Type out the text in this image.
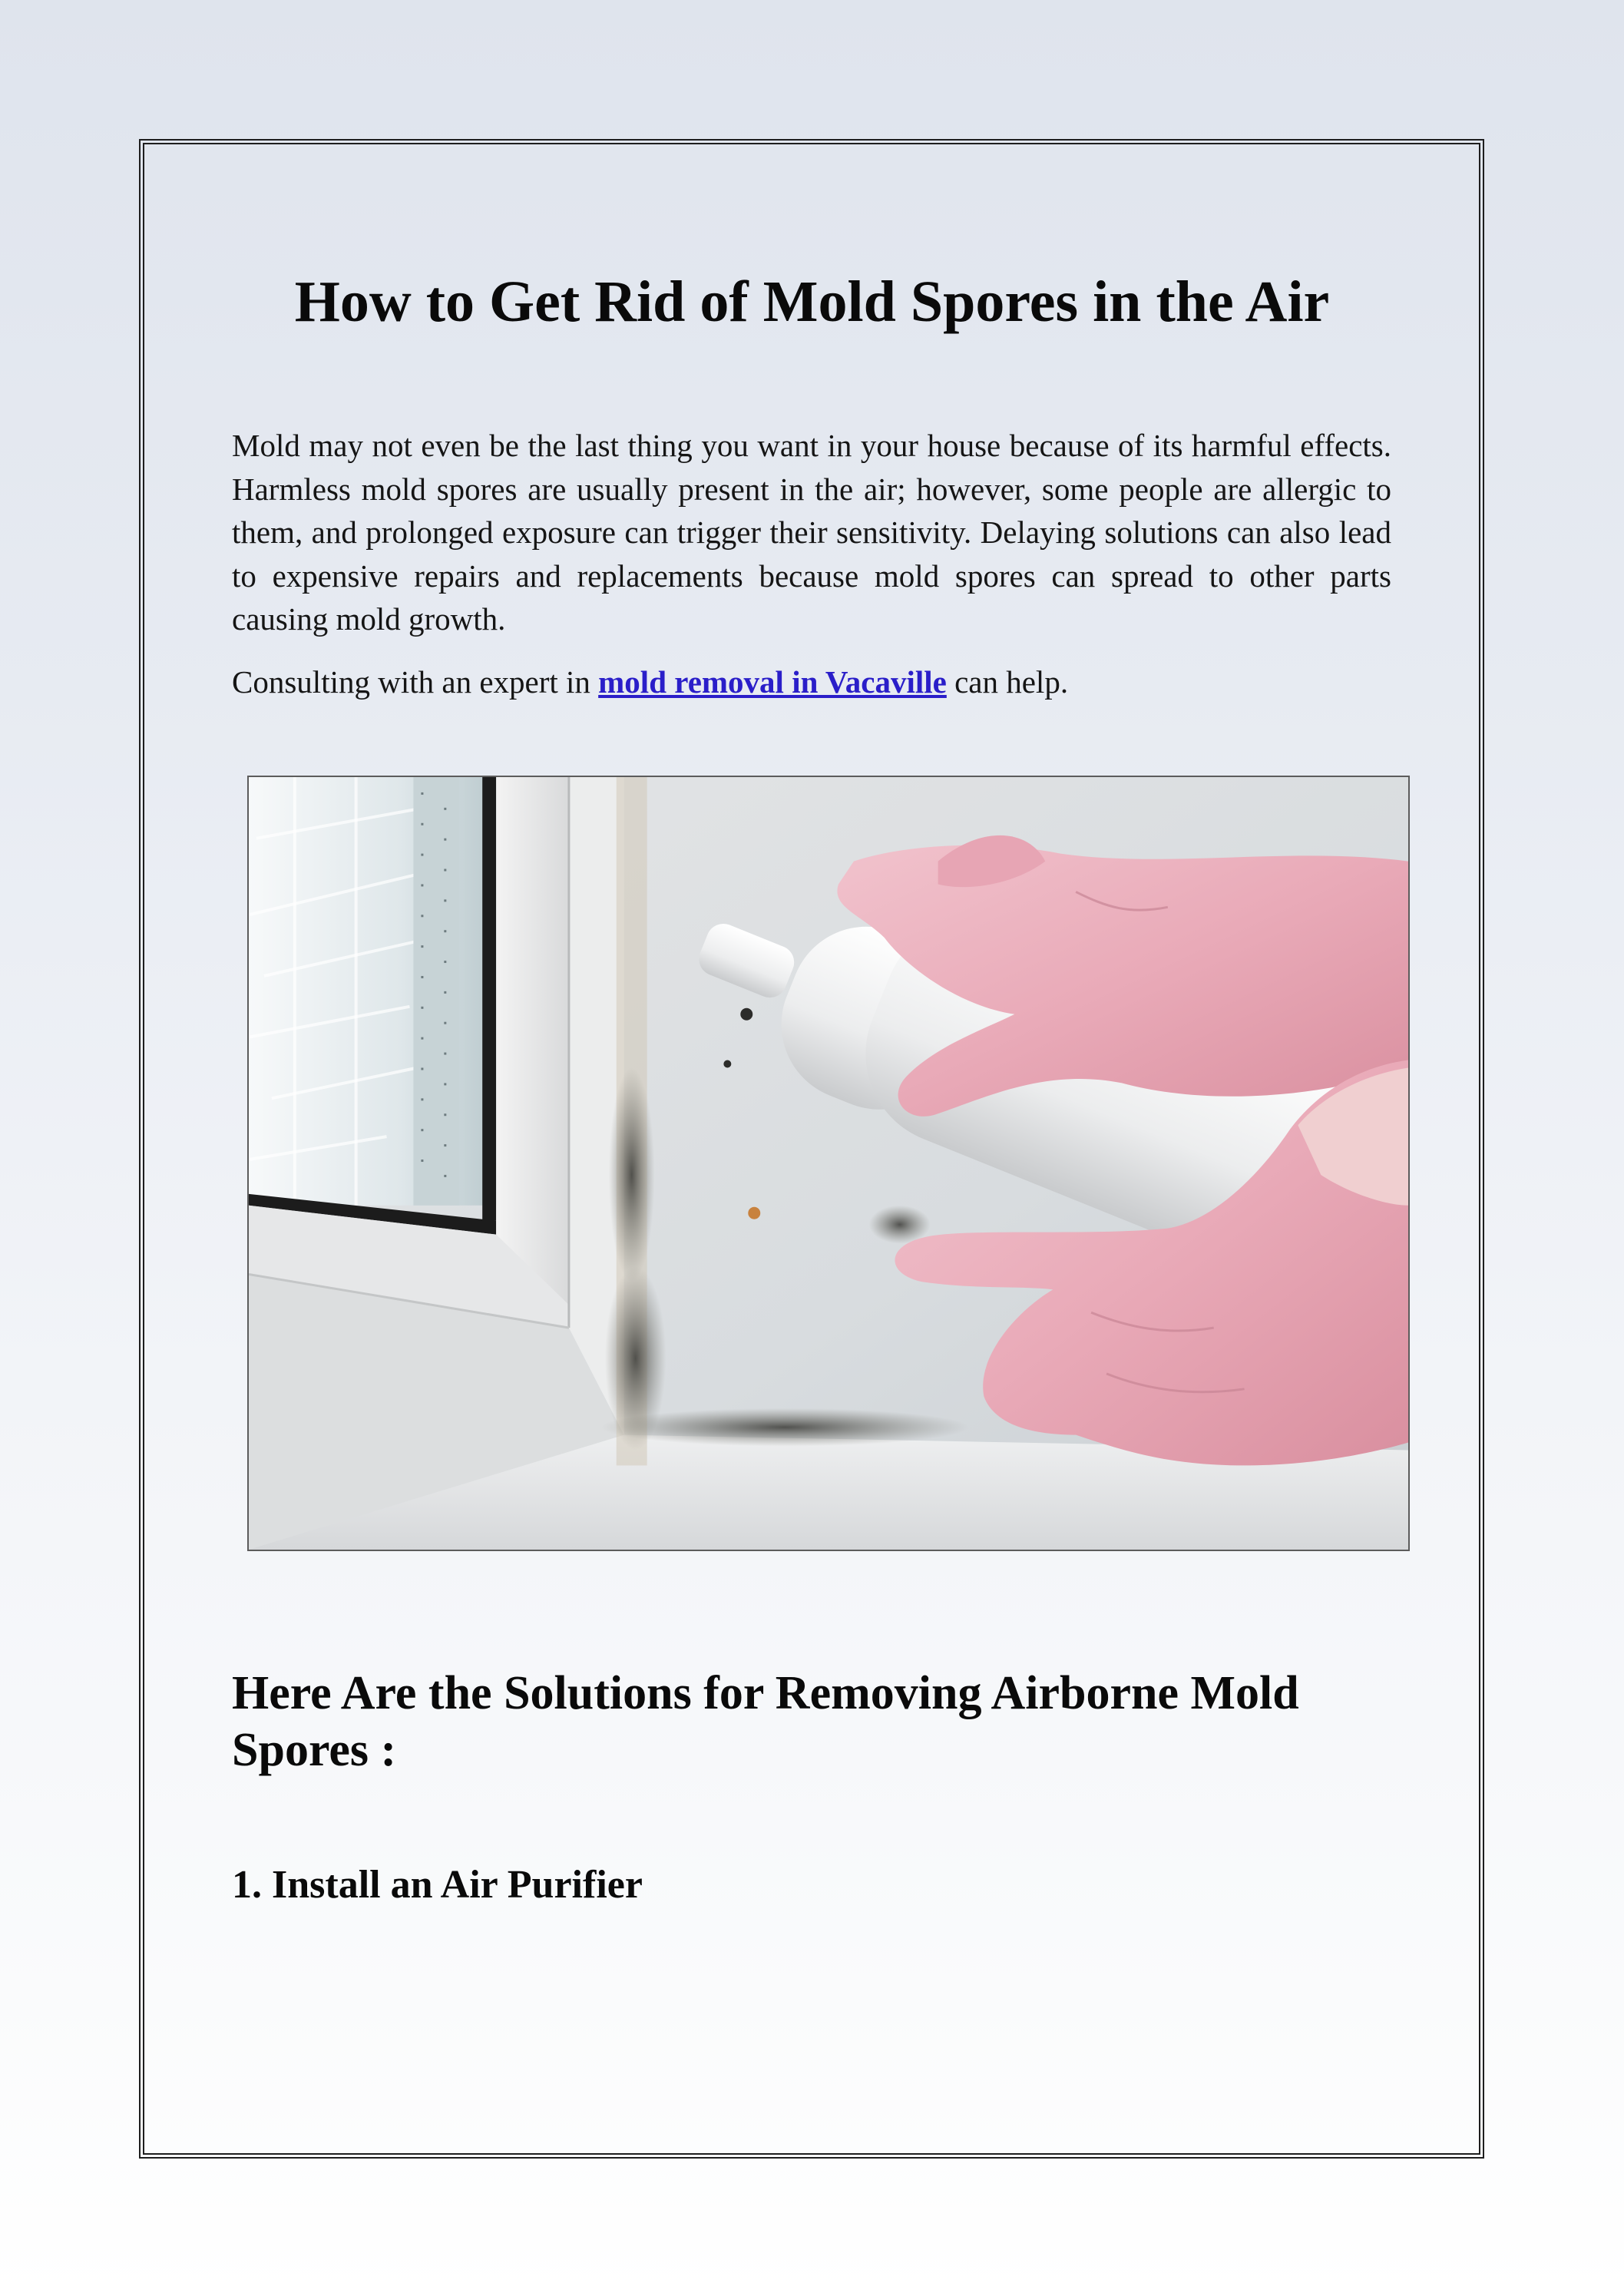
How to Get Rid of Mold Spores in the Air

Mold may not even be the last thing you want in your house because of its harmful effects. Harmless mold spores are usually present in the air; however, some people are allergic to them, and prolonged exposure can trigger their sensitivity. Delaying solutions can also lead to expensive repairs and replacements because mold spores can spread to other parts causing mold growth.

Consulting with an expert in mold removal in Vacaville can help.

Here Are the Solutions for Removing Airborne Mold Spores :
1. Install an Air Purifier
